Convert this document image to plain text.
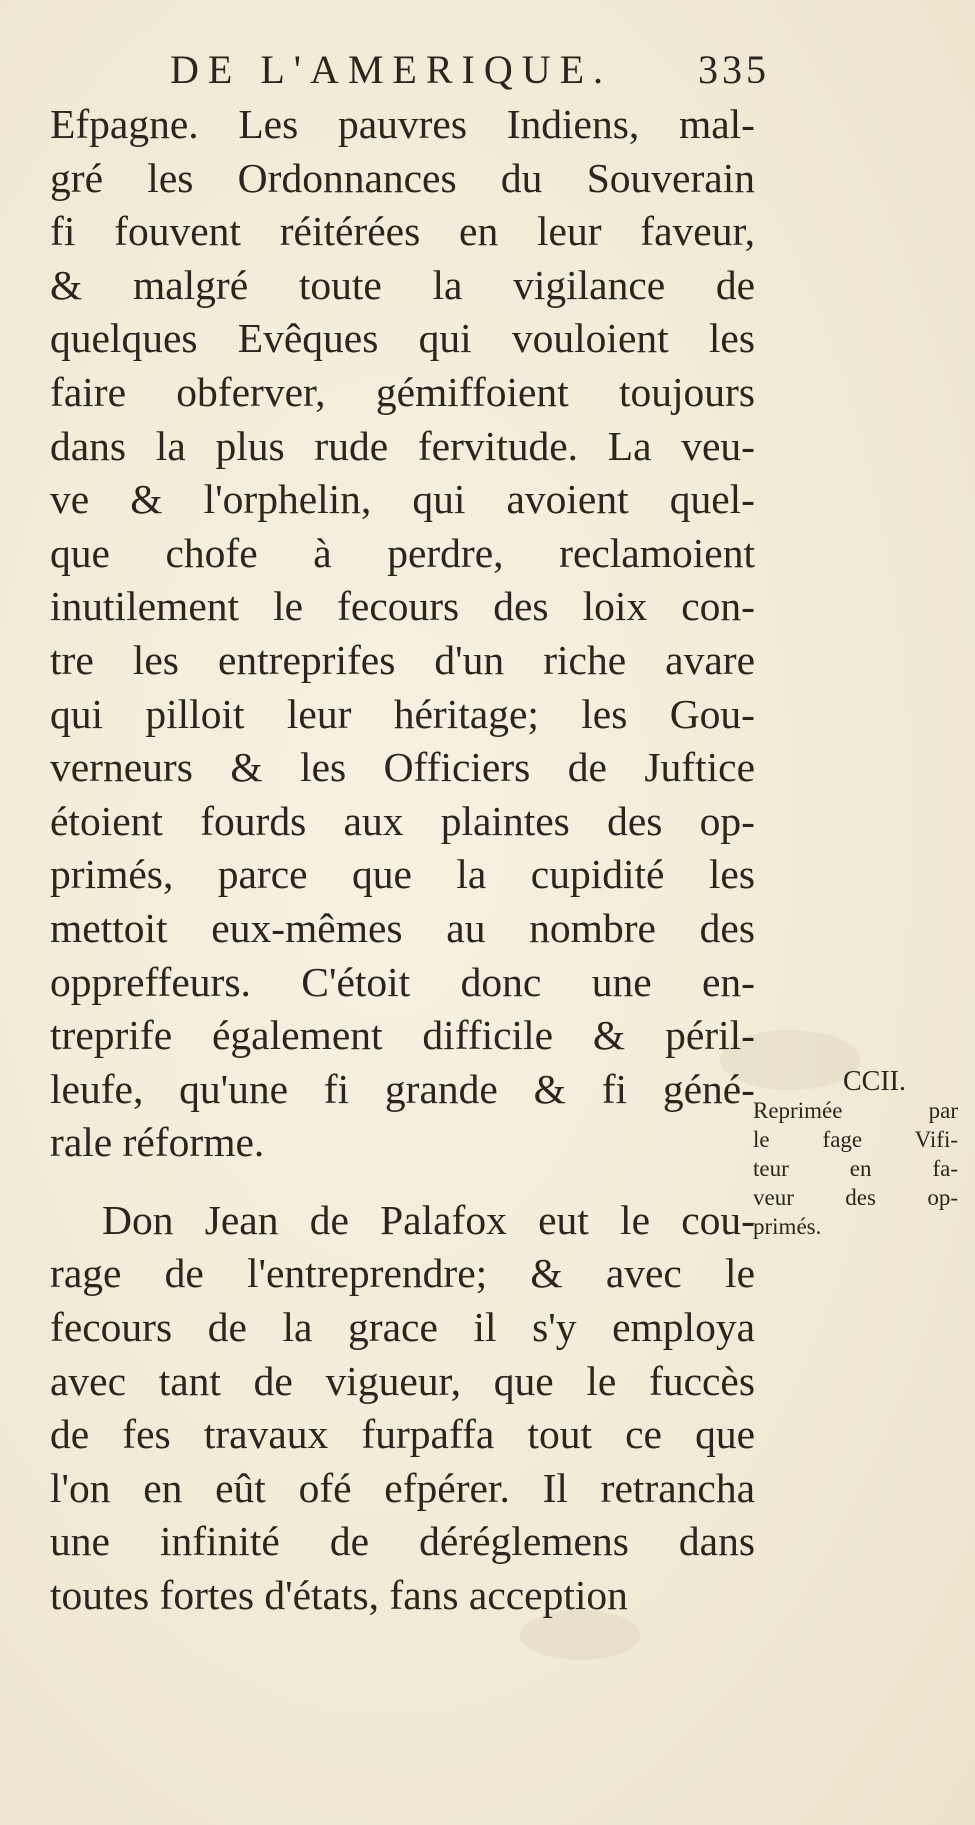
DE L'AMERIQUE. 335
Efpagne. Les pauvres Indiens, mal-
gré les Ordonnances du Souverain
fi fouvent réitérées en leur faveur,
& malgré toute la vigilance de
quelques Evêques qui vouloient les
faire obferver, gémiffoient toujours
dans la plus rude fervitude. La veu-
ve & l'orphelin, qui avoient quel-
que chofe à perdre, reclamoient
inutilement le fecours des loix con-
tre les entreprifes d'un riche avare
qui pilloit leur héritage; les Gou-
verneurs & les Officiers de Juftice
étoient fourds aux plaintes des op-
primés, parce que la cupidité les
mettoit eux-mêmes au nombre des
oppreffeurs. C'étoit donc une en-
treprife également difficile & péril-
leufe, qu'une fi grande & fi géné-
rale réforme.
Don Jean de Palafox eut le cou-
rage de l'entreprendre; & avec le
fecours de la grace il s'y employa
avec tant de vigueur, que le fuccès
de fes travaux furpaffa tout ce que
l'on en eût ofé efpérer. Il retrancha
une infinité de déréglemens dans
toutes fortes d'états, fans acception
CCII.
Reprimée par
le fage Vifi-
teur en fa-
veur des op-
primés.
